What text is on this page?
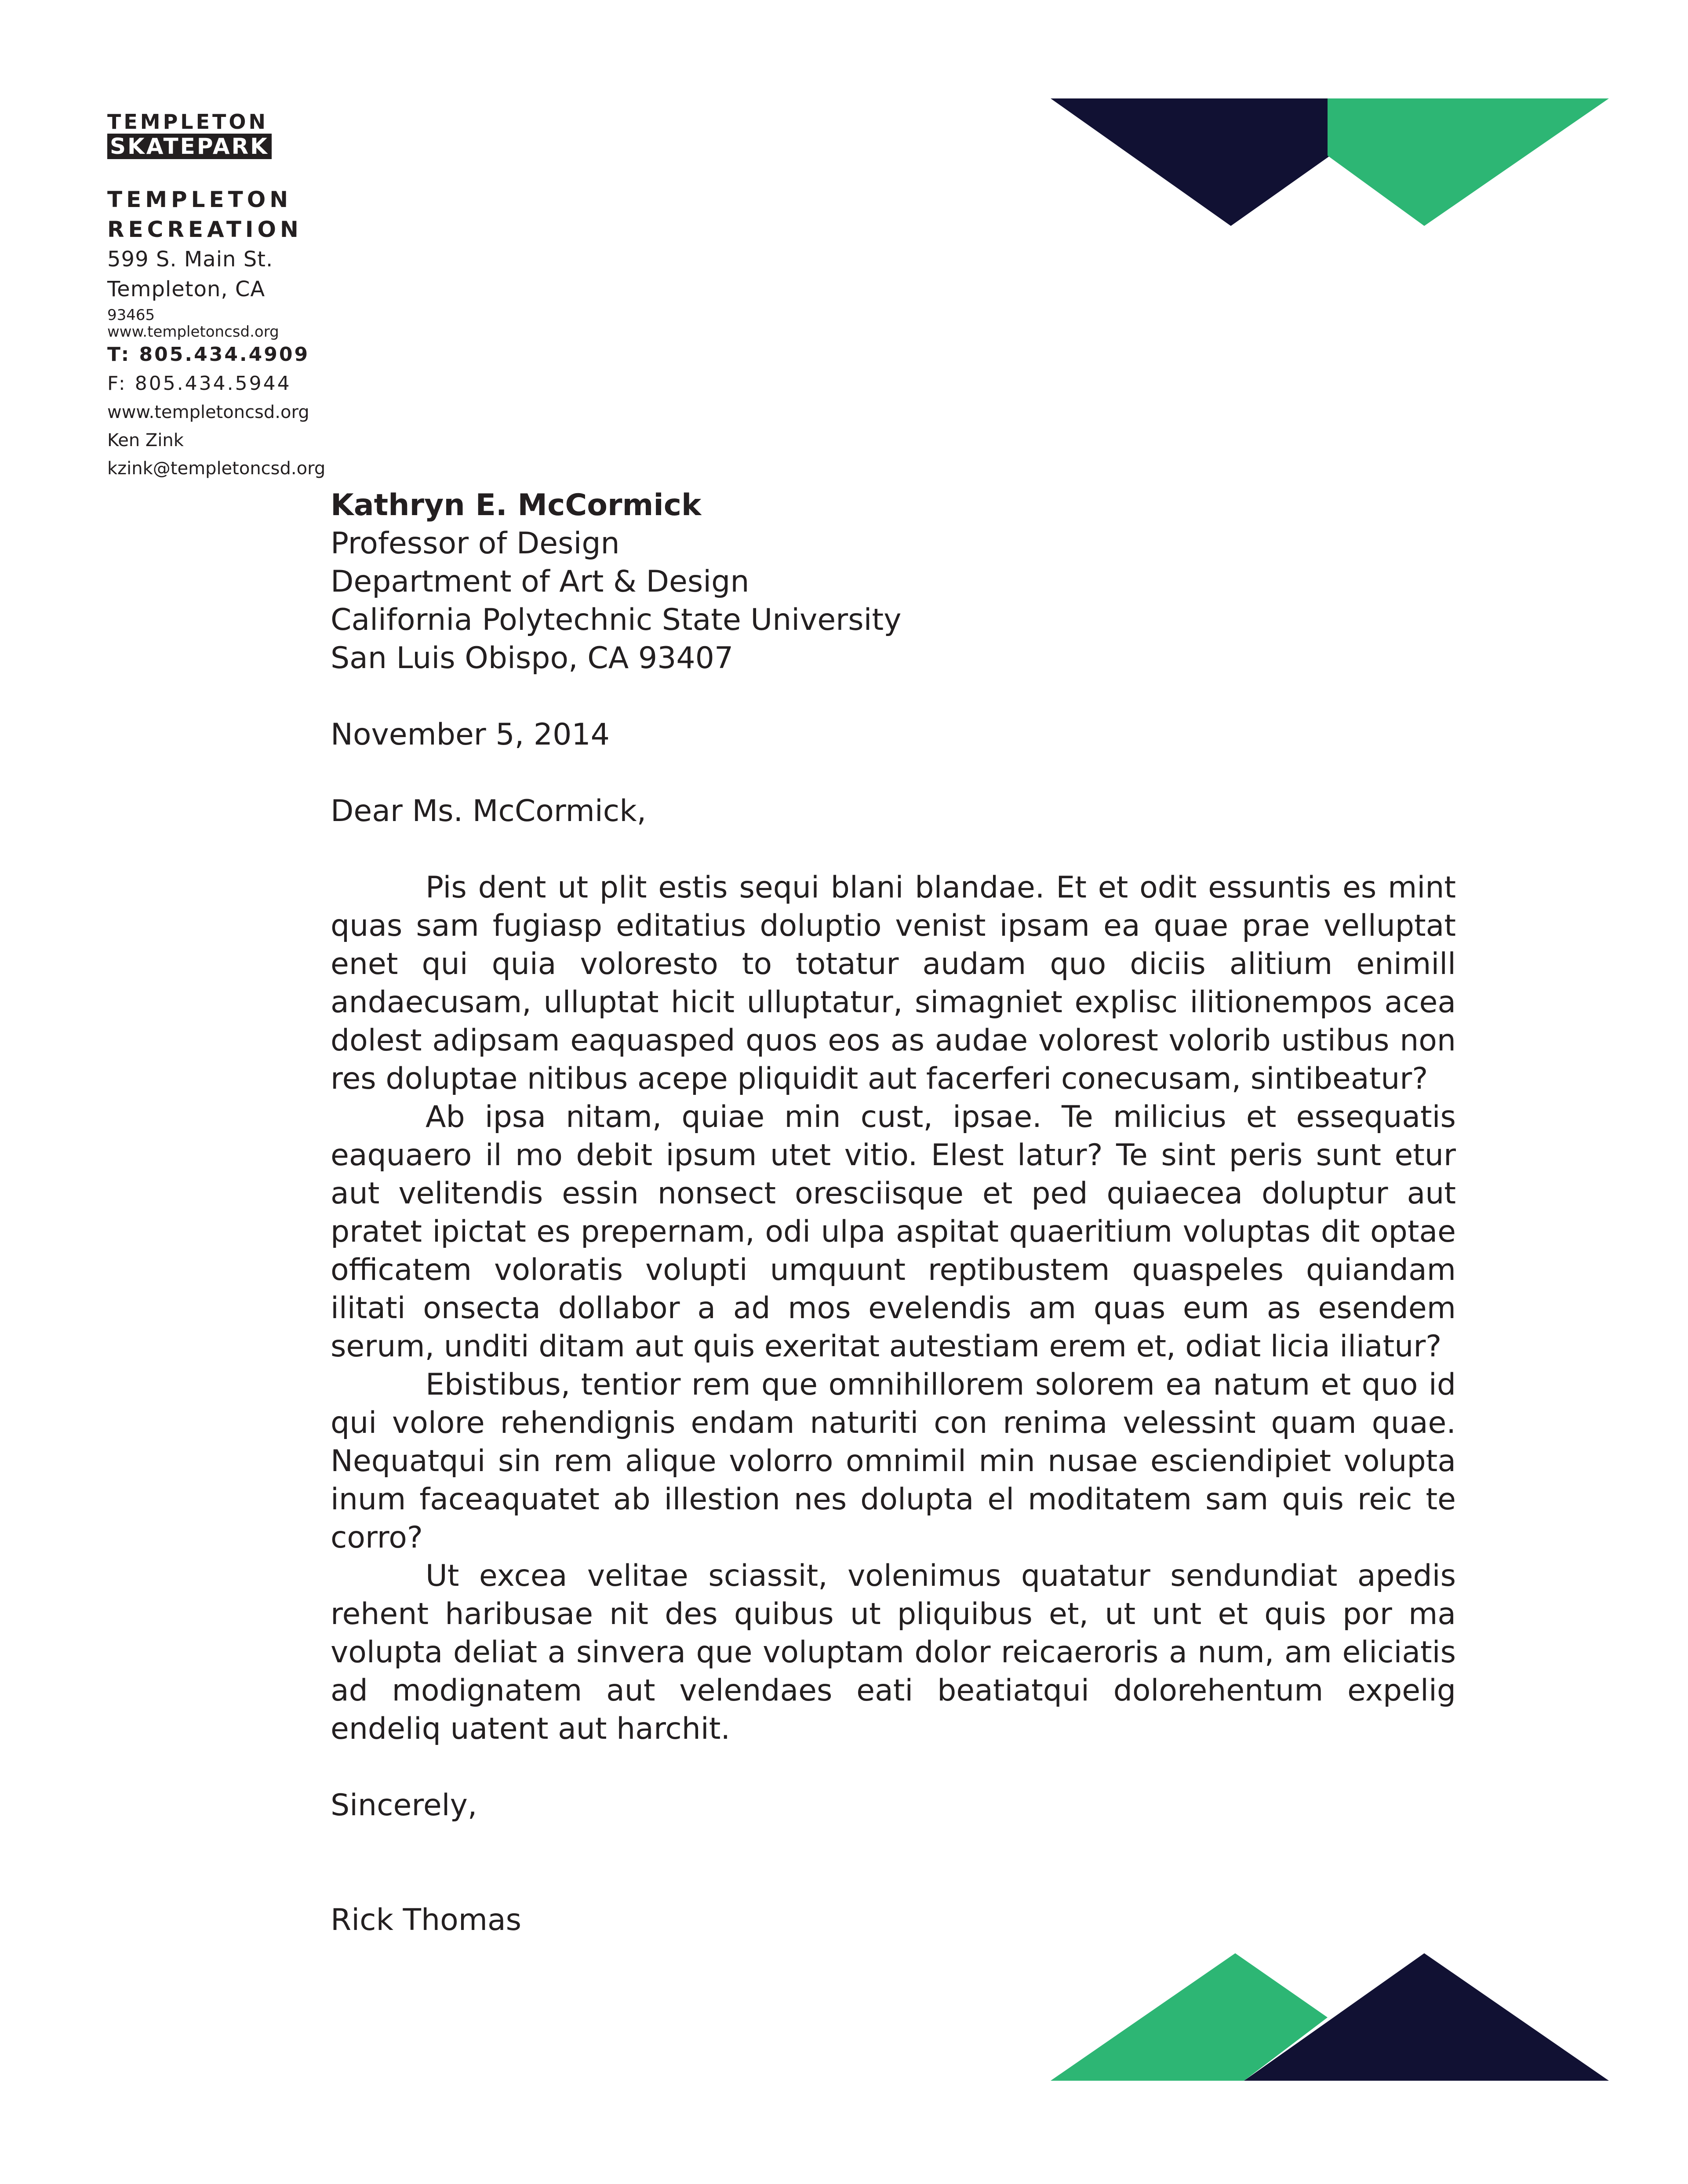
TEMPLETON
SKATEPARK
TEMPLETON
RECREATION
599 S. Main St.
Templeton, CA
93465
www.templetoncsd.org
T: 805.434.4909
F: 805.434.5944
www.templetoncsd.org
Ken Zink
kzink@templetoncsd.org

Kathryn E. McCormick

Professor of Design

Department of Art & Design

California Polytechnic State University

San Luis Obispo, CA 93407

November 5, 2014

Dear Ms. McCormick,

Pis dent ut plit estis sequi blani blandae. Et et odit essuntis es mint quas sam fugiasp editatius doluptio venist ipsam ea quae prae velluptat enet qui quia voloresto to totatur audam quo diciis alitium enimill andaecusam, ulluptat hicit ulluptatur, simagniet explisc ilitionempos acea dolest adipsam eaquasped quos eos as audae volorest volorib ustibus non res doluptae nitibus acepe pliquidit aut facerferi conecusam, sintibeatur?

Ab ipsa nitam, quiae min cust, ipsae. Te milicius et essequatis eaquaero il mo debit ipsum utet vitio. Elest latur? Te sint peris sunt etur aut velitendis essin nonsect oresciisque et ped quiaecea doluptur aut pratet ipictat es prepernam, odi ulpa aspitat quaeritium voluptas dit optae officatem voloratis volupti umquunt reptibustem quaspeles quiandam ilitati onsecta dollabor a ad mos evelendis am quas eum as esendem serum, unditi ditam aut quis exeritat autestiam erem et, odiat licia iliatur?

Ebistibus, tentior rem que omnihillorem solorem ea natum et quo id qui volore rehendignis endam naturiti con renima velessint quam quae. Nequatqui sin rem alique volorro omnimil min nusae esciendipiet volupta inum faceaquatet ab illestion nes dolupta el moditatem sam quis reic te corro?

Ut excea velitae sciassit, volenimus quatatur sendundiat apedis rehent haribusae nit des quibus ut pliquibus et, ut unt et quis por ma volupta deliat a sinvera que voluptam dolor reicaeroris a num, am eliciatis ad modignatem aut velendaes eati beatiatqui dolorehentum expelig endeliq uatent aut harchit.

Sincerely,

Rick Thomas
